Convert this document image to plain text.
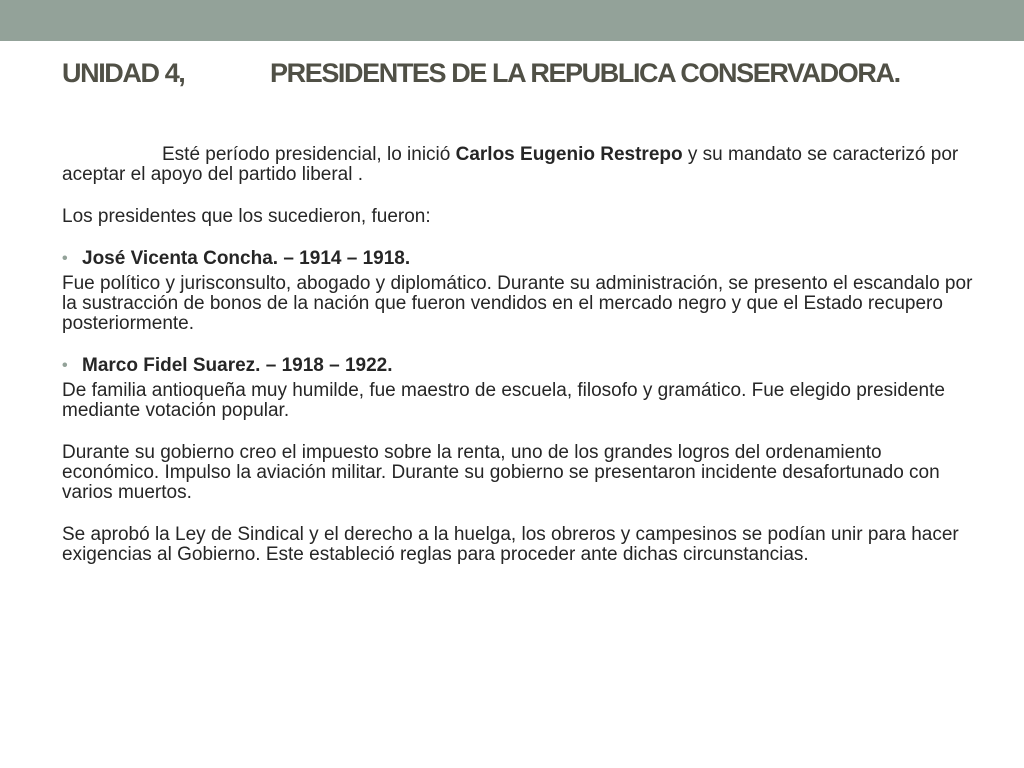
UNIDAD 4,	PRESIDENTES DE LA REPUBLICA CONSERVADORA.

Esté período presidencial, lo inició Carlos Eugenio Restrepo y su mandato se caracterizó por aceptar el apoyo del partido liberal .

Los presidentes que los sucedieron, fueron:

• José Vicenta Concha. – 1914 – 1918.

Fue político y jurisconsulto, abogado y diplomático. Durante su administración, se presento el escandalo por la sustracción de bonos de la nación que fueron vendidos en el mercado negro y que el Estado recupero posteriormente.

• Marco Fidel Suarez. – 1918 – 1922.

De familia antioqueña muy humilde, fue maestro de escuela, filosofo y gramático. Fue elegido presidente mediante votación popular.

Durante su gobierno creo el impuesto sobre la renta, uno de los grandes logros del ordenamiento económico. Impulso la aviación militar. Durante su gobierno se presentaron incidente desafortunado con varios muertos.

Se aprobó la Ley de Sindical y el derecho a la huelga, los obreros y campesinos se podían unir para hacer exigencias al Gobierno. Este estableció reglas para proceder ante dichas circunstancias.
